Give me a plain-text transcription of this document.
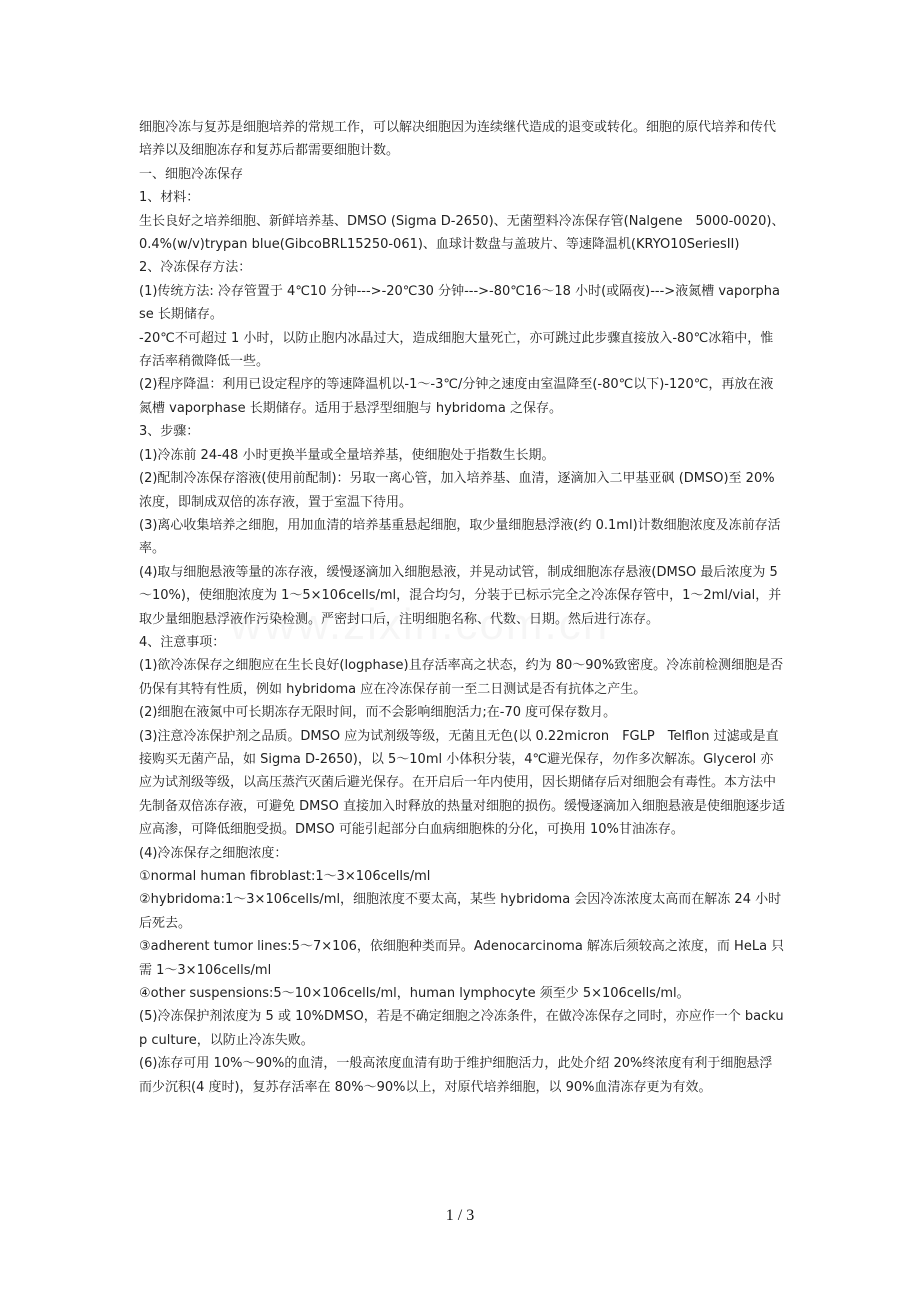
细胞冷冻与复苏是细胞培养的常规工作，可以解决细胞因为连续继代造成的退变或转化。细胞的原代培养和传代培养以及细胞冻存和复苏后都需要细胞计数。

一、细胞冷冻保存

1、材料：

生长良好之培养细胞、新鲜培养基、DMSO (Sigma D-2650)、无菌塑料冷冻保存管(Nalgene　5000-0020)、0.4%(w/v)trypan blue(GibcoBRL15250-061)、血球计数盘与盖玻片、等速降温机(KRYO10SeriesII)

2、冷冻保存方法：

(1)传统方法: 冷存管置于 4℃10 分钟--->-20℃30 分钟--->-80℃16～18 小时(或隔夜)--->液氮槽 vaporphase 长期储存。

-20℃不可超过 1 小时，以防止胞内冰晶过大，造成细胞大量死亡，亦可跳过此步骤直接放入-80℃冰箱中，惟存活率稍微降低一些。

(2)程序降温：利用已设定程序的等速降温机以-1～-3℃/分钟之速度由室温降至(-80℃以下)-120℃，再放在液氮槽 vaporphase 长期储存。适用于悬浮型细胞与 hybridoma 之保存。

3、步骤：

(1)冷冻前 24-48 小时更换半量或全量培养基，使细胞处于指数生长期。

(2)配制冷冻保存溶液(使用前配制)：另取一离心管，加入培养基、血清，逐滴加入二甲基亚砜 (DMSO)至 20%浓度，即制成双倍的冻存液，置于室温下待用。

(3)离心收集培养之细胞，用加血清的培养基重悬起细胞，取少量细胞悬浮液(约 0.1ml)计数细胞浓度及冻前存活率。

(4)取与细胞悬液等量的冻存液，缓慢逐滴加入细胞悬液，并晃动试管，制成细胞冻存悬液(DMSO 最后浓度为 5～10%)，使细胞浓度为 1～5×106cells/ml，混合均匀，分装于已标示完全之冷冻保存管中，1～2ml/vial，并取少量细胞悬浮液作污染检测。严密封口后，注明细胞名称、代数、日期。然后进行冻存。

4、注意事项：

(1)欲冷冻保存之细胞应在生长良好(logphase)且存活率高之状态，约为 80～90%致密度。冷冻前检测细胞是否仍保有其特有性质，例如 hybridoma 应在冷冻保存前一至二日测试是否有抗体之产生。

(2)细胞在液氮中可长期冻存无限时间，而不会影响细胞活力;在-70 度可保存数月。

(3)注意冷冻保护剂之品质。DMSO 应为试剂级等级，无菌且无色(以 0.22micron　FGLP　Telflon 过滤或是直接购买无菌产品，如 Sigma D-2650)，以 5～10ml 小体积分装，4℃避光保存，勿作多次解冻。Glycerol 亦应为试剂级等级，以高压蒸汽灭菌后避光保存。在开启后一年内使用，因长期储存后对细胞会有毒性。本方法中先制备双倍冻存液，可避免 DMSO 直接加入时释放的热量对细胞的损伤。缓慢逐滴加入细胞悬液是使细胞逐步适应高渗，可降低细胞受损。DMSO 可能引起部分白血病细胞株的分化，可换用 10%甘油冻存。

(4)冷冻保存之细胞浓度：

①normal human fibroblast:1～3×106cells/ml

②hybridoma:1～3×106cells/ml，细胞浓度不要太高，某些 hybridoma 会因冷冻浓度太高而在解冻 24 小时后死去。

③adherent tumor lines:5～7×106，依细胞种类而异。Adenocarcinoma 解冻后须较高之浓度，而 HeLa 只需 1～3×106cells/ml

④other suspensions:5～10×106cells/ml，human lymphocyte 须至少 5×106cells/ml。

(5)冷冻保护剂浓度为 5 或 10%DMSO，若是不确定细胞之冷冻条件，在做冷冻保存之同时，亦应作一个 backup culture，以防止冷冻失败。

(6)冻存可用 10%～90%的血清，一般高浓度血清有助于维护细胞活力，此处介绍 20%终浓度有利于细胞悬浮而少沉积(4 度时)，复苏存活率在 80%～90%以上，对原代培养细胞，以 90%血清冻存更为有效。

1 / 3
